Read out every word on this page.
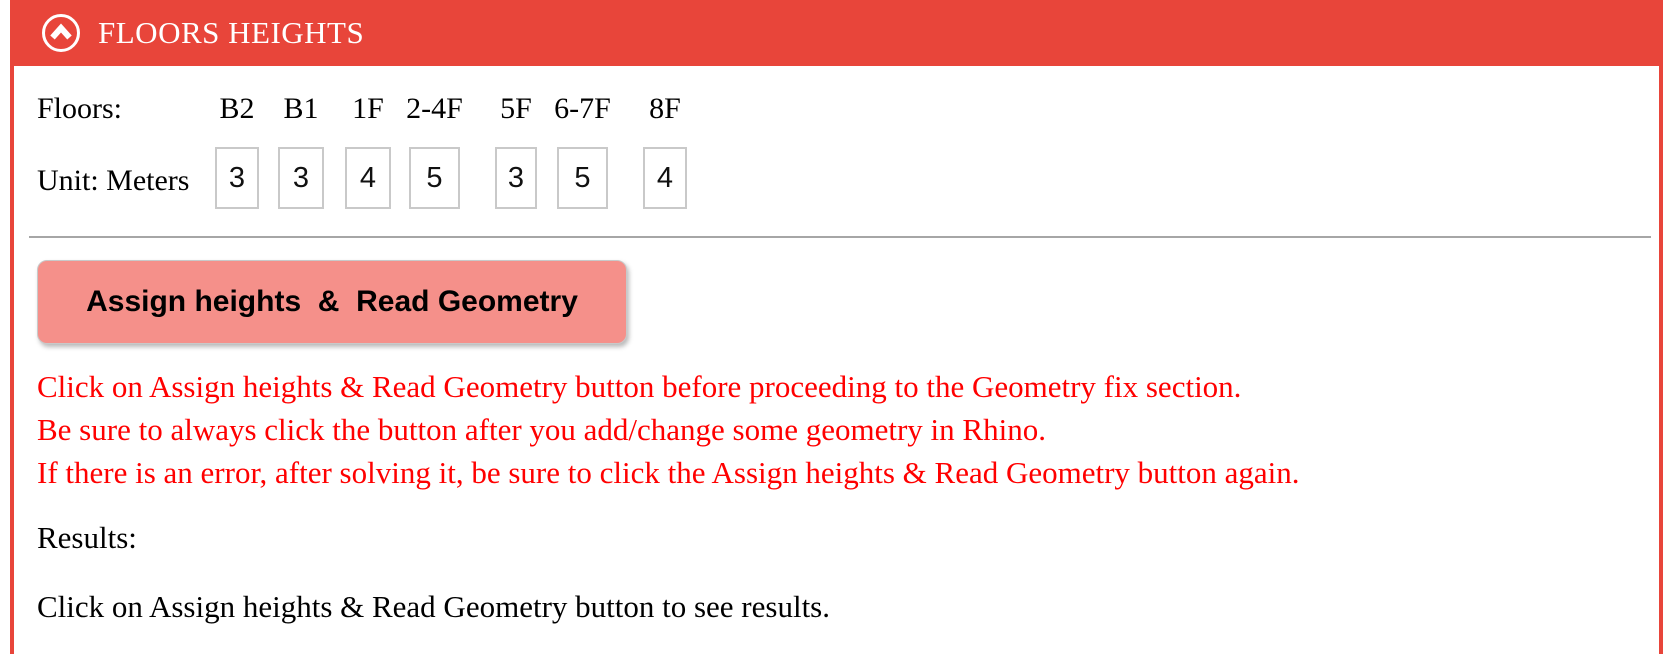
FLOORS HEIGHTS
Floors:
Unit: Meters
B2
3 B1
3 1F
4 2-4F
5 5F
3 6-7F
5 8F
4
Assign heights  &  Read Geometry
Click on Assign heights & Read Geometry button before proceeding to the Geometry fix section.
Be sure to always click the button after you add/change some geometry in Rhino.
If there is an error, after solving it, be sure to click the Assign heights & Read Geometry button again.
Results:
Click on Assign heights & Read Geometry button to see results.
